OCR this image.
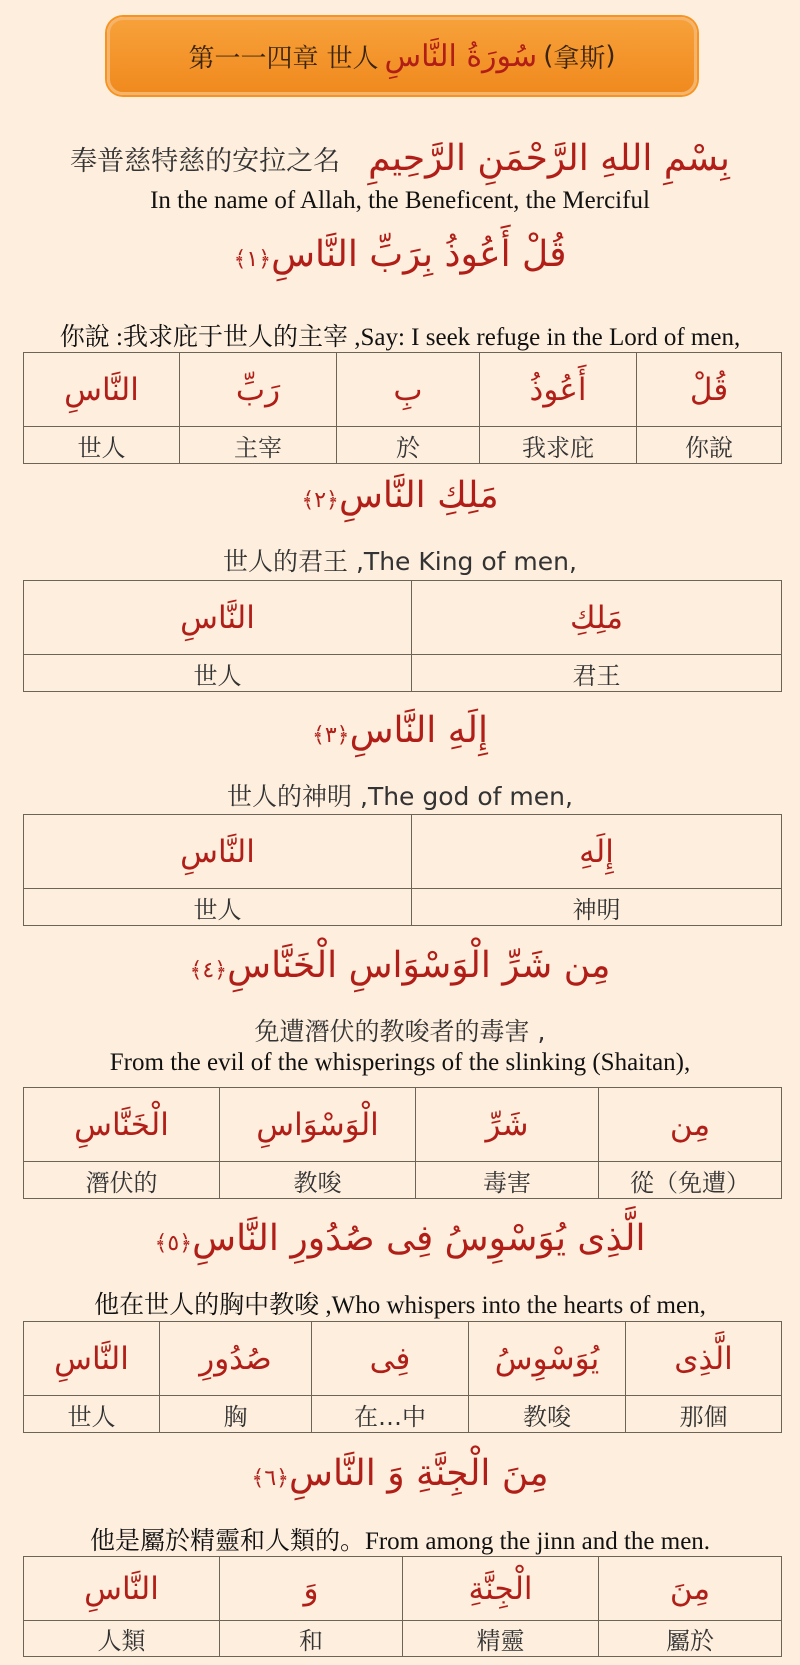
第一一四章 世人 سُورَةُ النَّاسِ ( 拿斯 )
奉普慈特慈的安拉之名 بِسْمِ اللهِ الرَّحْمَنِ الرَّحِيمِ
In the name of Allah, the Beneficent, the Merciful
قُلْ أَعُوذُ بِرَبِّ النَّاسِ﴿١﴾
你說 :我求庇于世人的主宰 ,Say: I seek refuge in the Lord of men,
النَّاسِ	رَبِّ	بِ	أَعُوذُ	قُلْ
世人	主宰	於	我求庇	你說
مَلِكِ النَّاسِ﴿٢﴾
世人的君王 ,The King of men,
النَّاسِ	مَلِكِ
世人	君王
إِلَهِ النَّاسِ﴿٣﴾
世人的神明 ,The god of men,
النَّاسِ	إِلَهِ
世人	神明
مِن شَرِّ الْوَسْوَاسِ الْخَنَّاسِ﴿٤﴾
免遭潛伏的教唆者的毒害 ,
From the evil of the whisperings of the slinking (Shaitan),
الْخَنَّاسِ	الْوَسْوَاسِ	شَرِّ	مِن
潛伏的	教唆	毒害	從（免遭）
الَّذِى يُوَسْوِسُ فِى صُدُورِ النَّاسِ﴿٥﴾
他在世人的胸中教唆 ,Who whispers into the hearts of men,
النَّاسِ	صُدُورِ	فِى	يُوَسْوِسُ	الَّذِى
世人	胸	在…中	教唆	那個
مِنَ الْجِنَّةِ وَ النَّاسِ﴿٦﴾
他是屬於精靈和人類的。From among the jinn and the men.
النَّاسِ	وَ	الْجِنَّةِ	مِنَ
人類	和	精靈	屬於
